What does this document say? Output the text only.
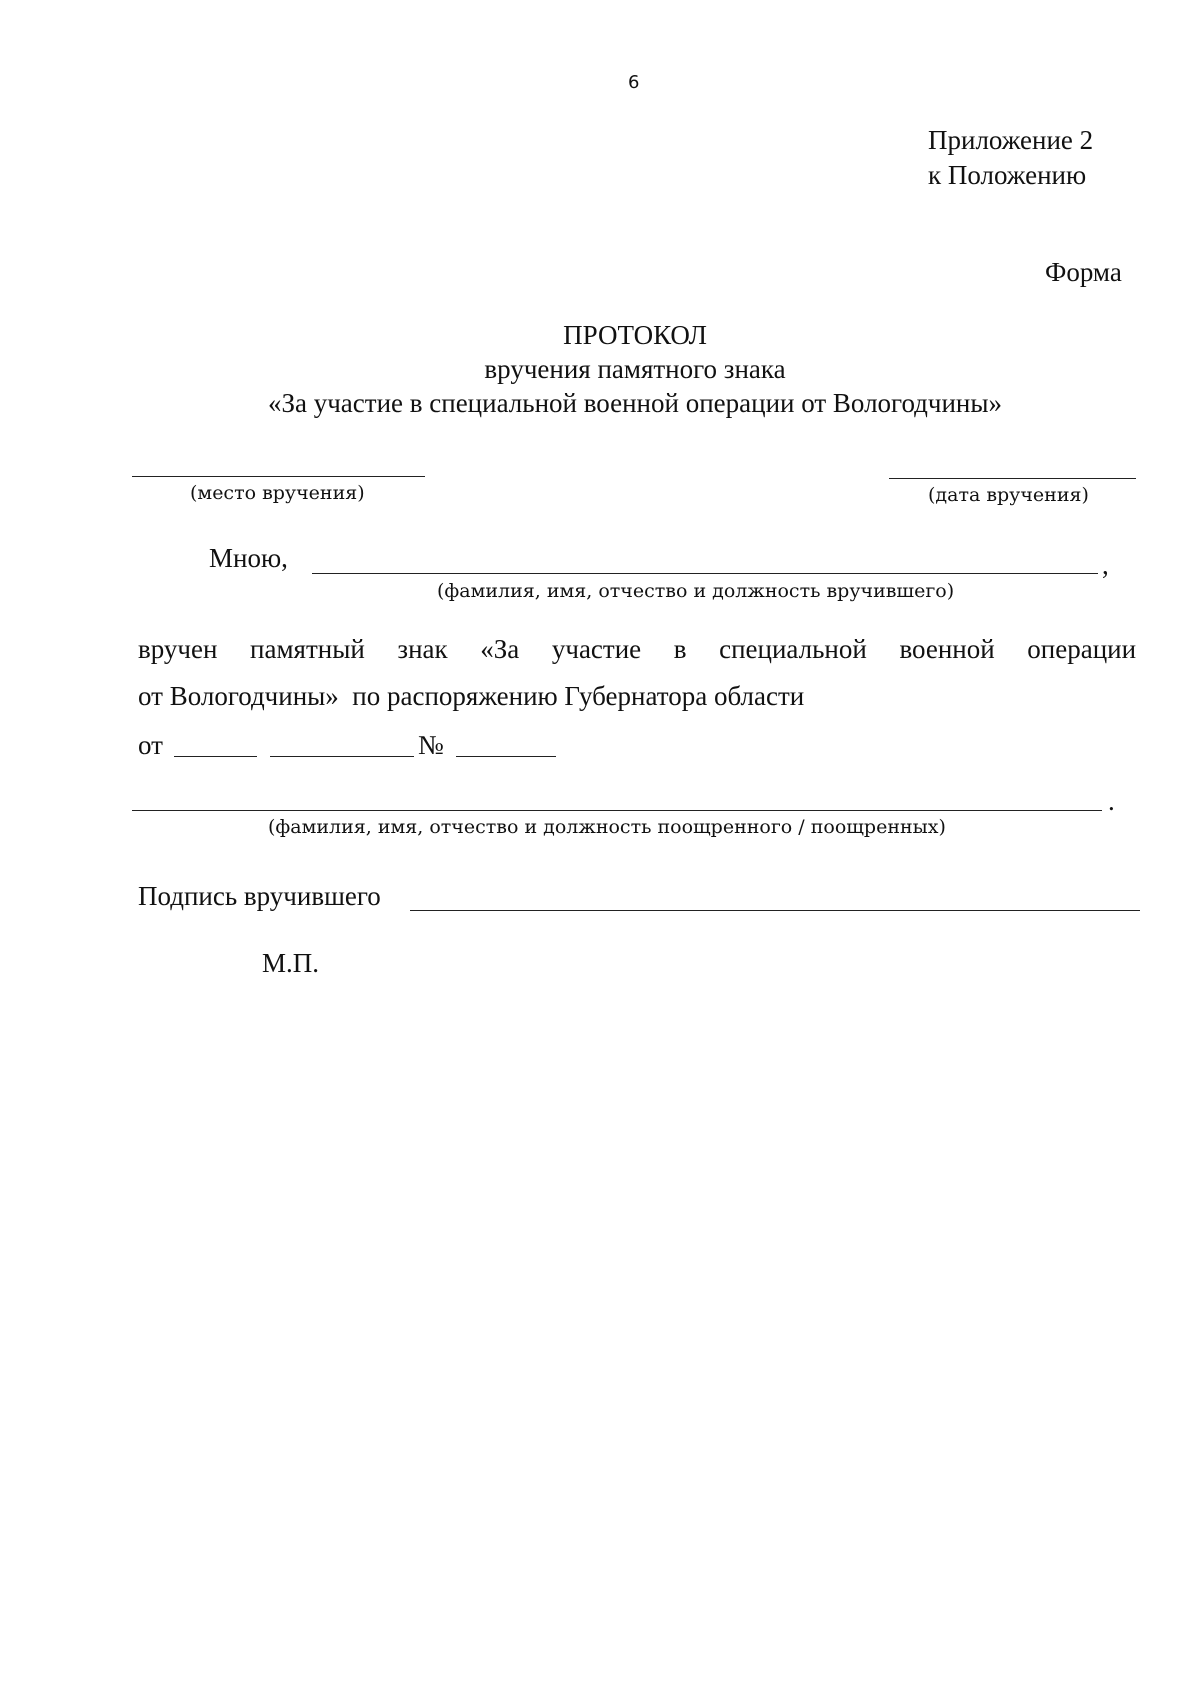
6
Приложение 2
к Положению
Форма
ПРОТОКОЛ
вручения памятного знака
«За участие в специальной военной операции от Вологодчины»
(место вручения)	(дата вручения)
Мною,	,
(фамилия, имя, отчество и должность вручившего)
вручен памятный знак «За участие в специальной военной операции
от Вологодчины»  по распоряжению Губернатора области
от	№
.
(фамилия, имя, отчество и должность поощренного / поощренных)
Подпись вручившего
М.П.
